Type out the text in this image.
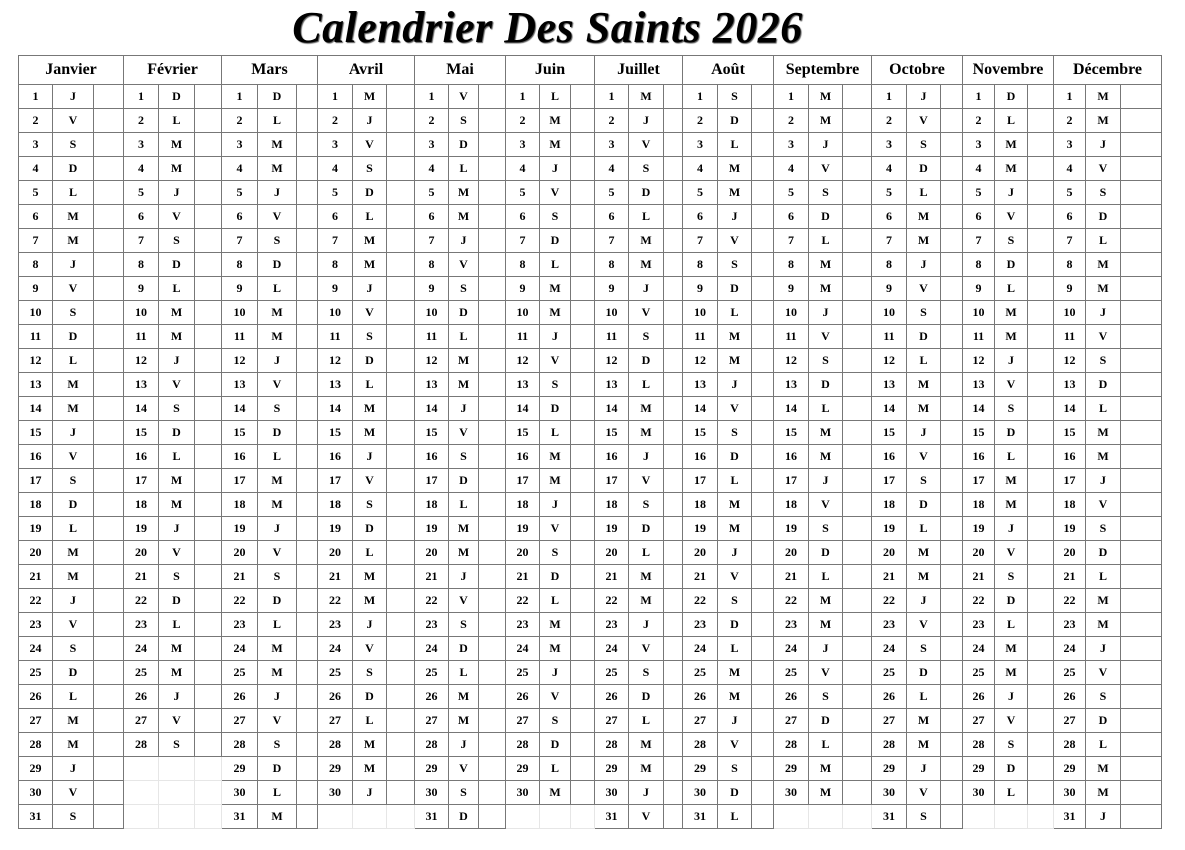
Calendrier Des Saints 2026
Janvier			Février			Mars			Avril			Mai			Juin			Juillet			Août			Septembre			Octobre			Novembre			Décembre		
1	J		1	D		1	D		1	M		1	V		1	L		1	M		1	S		1	M		1	J		1	D		1	M	
2	V		2	L		2	L		2	J		2	S		2	M		2	J		2	D		2	M		2	V		2	L		2	M	
3	S		3	M		3	M		3	V		3	D		3	M		3	V		3	L		3	J		3	S		3	M		3	J	
4	D		4	M		4	M		4	S		4	L		4	J		4	S		4	M		4	V		4	D		4	M		4	V	
5	L		5	J		5	J		5	D		5	M		5	V		5	D		5	M		5	S		5	L		5	J		5	S	
6	M		6	V		6	V		6	L		6	M		6	S		6	L		6	J		6	D		6	M		6	V		6	D	
7	M		7	S		7	S		7	M		7	J		7	D		7	M		7	V		7	L		7	M		7	S		7	L	
8	J		8	D		8	D		8	M		8	V		8	L		8	M		8	S		8	M		8	J		8	D		8	M	
9	V		9	L		9	L		9	J		9	S		9	M		9	J		9	D		9	M		9	V		9	L		9	M	
10	S		10	M		10	M		10	V		10	D		10	M		10	V		10	L		10	J		10	S		10	M		10	J	
11	D		11	M		11	M		11	S		11	L		11	J		11	S		11	M		11	V		11	D		11	M		11	V	
12	L		12	J		12	J		12	D		12	M		12	V		12	D		12	M		12	S		12	L		12	J		12	S	
13	M		13	V		13	V		13	L		13	M		13	S		13	L		13	J		13	D		13	M		13	V		13	D	
14	M		14	S		14	S		14	M		14	J		14	D		14	M		14	V		14	L		14	M		14	S		14	L	
15	J		15	D		15	D		15	M		15	V		15	L		15	M		15	S		15	M		15	J		15	D		15	M	
16	V		16	L		16	L		16	J		16	S		16	M		16	J		16	D		16	M		16	V		16	L		16	M	
17	S		17	M		17	M		17	V		17	D		17	M		17	V		17	L		17	J		17	S		17	M		17	J	
18	D		18	M		18	M		18	S		18	L		18	J		18	S		18	M		18	V		18	D		18	M		18	V	
19	L		19	J		19	J		19	D		19	M		19	V		19	D		19	M		19	S		19	L		19	J		19	S	
20	M		20	V		20	V		20	L		20	M		20	S		20	L		20	J		20	D		20	M		20	V		20	D	
21	M		21	S		21	S		21	M		21	J		21	D		21	M		21	V		21	L		21	M		21	S		21	L	
22	J		22	D		22	D		22	M		22	V		22	L		22	M		22	S		22	M		22	J		22	D		22	M	
23	V		23	L		23	L		23	J		23	S		23	M		23	J		23	D		23	M		23	V		23	L		23	M	
24	S		24	M		24	M		24	V		24	D		24	M		24	V		24	L		24	J		24	S		24	M		24	J	
25	D		25	M		25	M		25	S		25	L		25	J		25	S		25	M		25	V		25	D		25	M		25	V	
26	L		26	J		26	J		26	D		26	M		26	V		26	D		26	M		26	S		26	L		26	J		26	S	
27	M		27	V		27	V		27	L		27	M		27	S		27	L		27	J		27	D		27	M		27	V		27	D	
28	M		28	S		28	S		28	M		28	J		28	D		28	M		28	V		28	L		28	M		28	S		28	L	
29	J					29	D		29	M		29	V		29	L		29	M		29	S		29	M		29	J		29	D		29	M	
30	V					30	L		30	J		30	S		30	M		30	J		30	D		30	M		30	V		30	L		30	M	
31	S					31	M					31	D					31	V		31	L					31	S					31	J	
